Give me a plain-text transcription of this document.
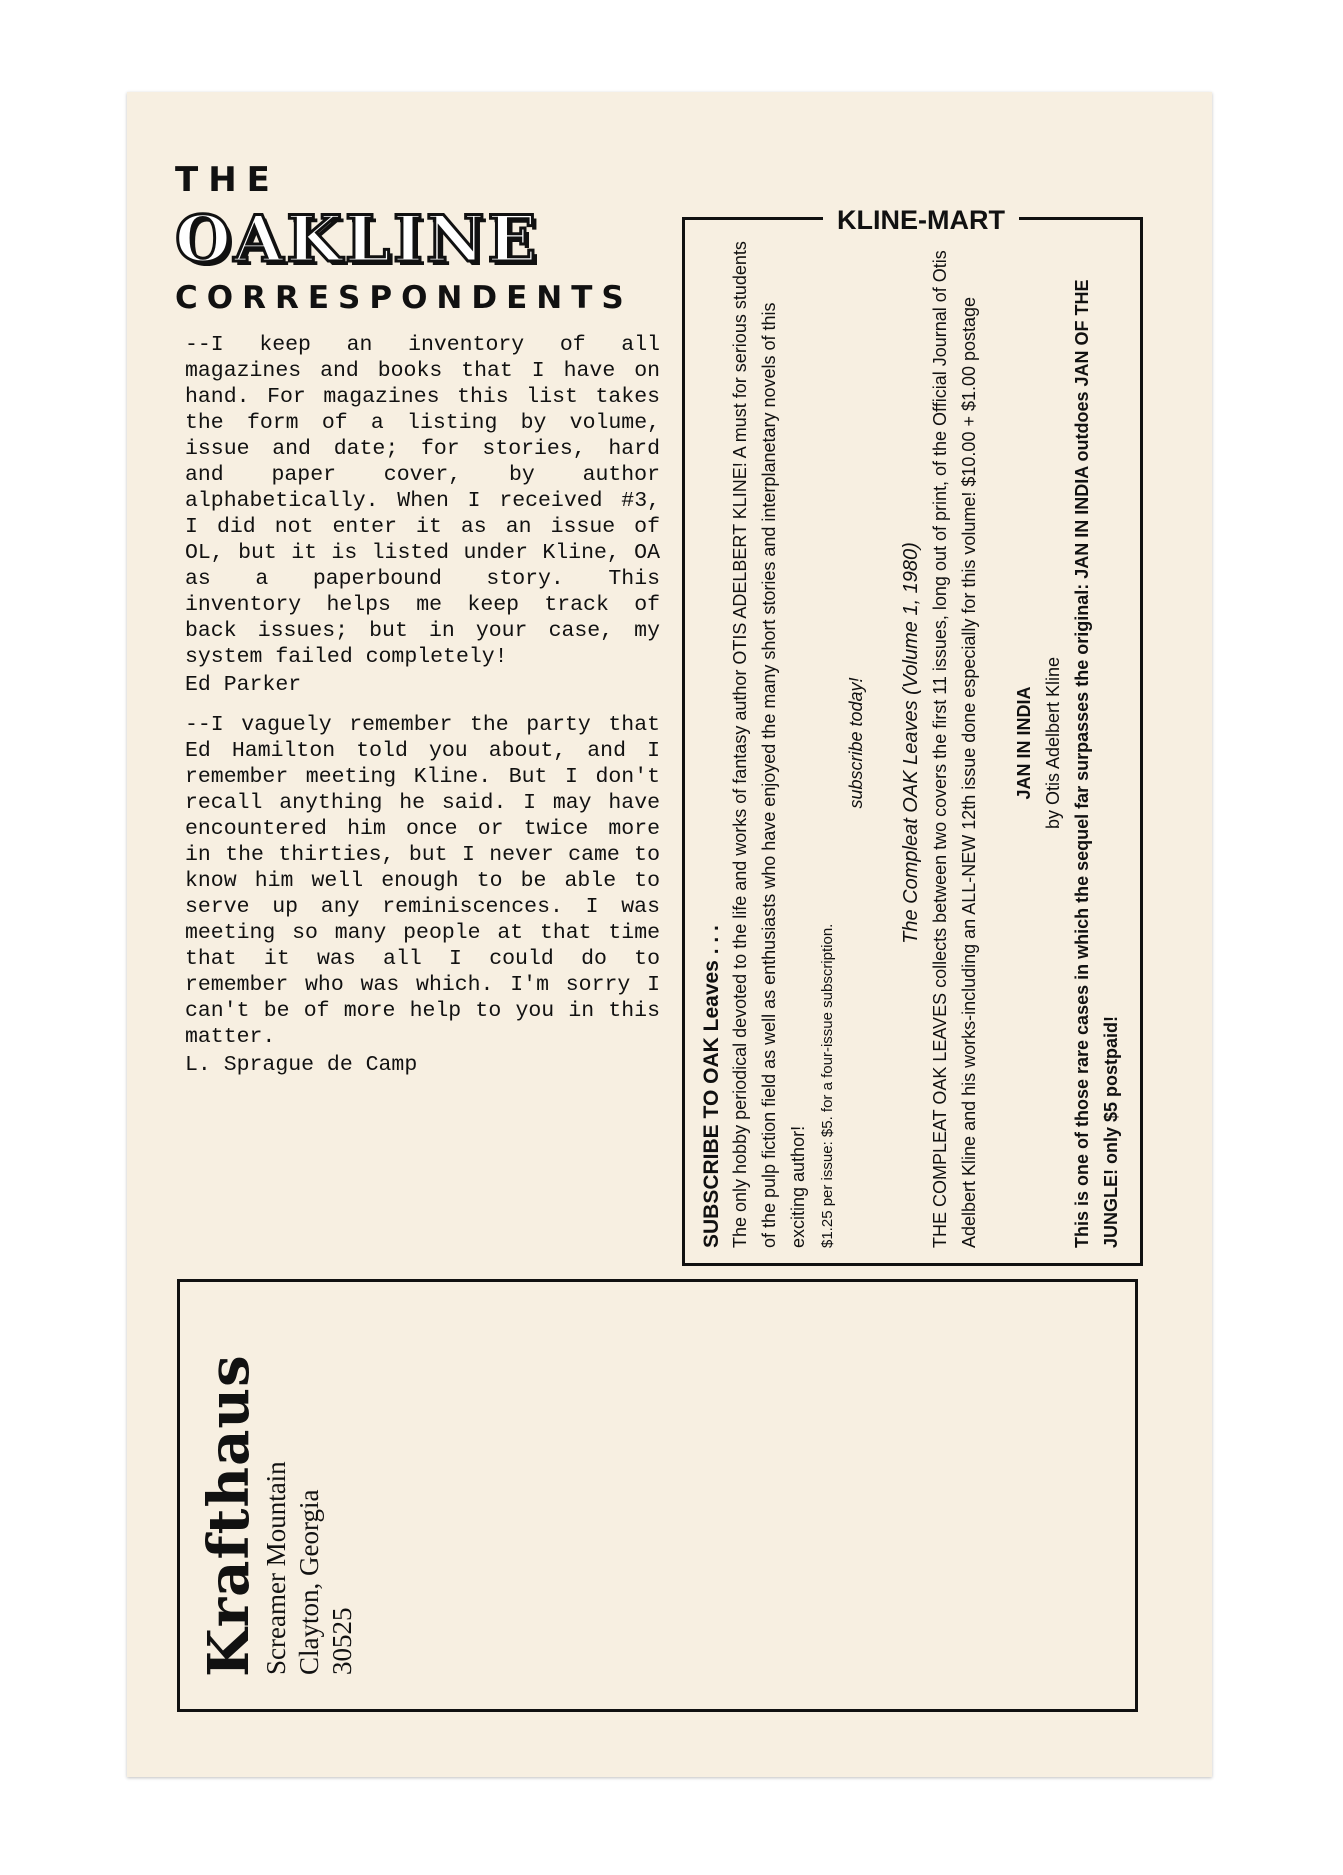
THE
OAKLINE
CORRESPONDENTS

--I keep an inventory of all magazines and books that I have on hand. For magazines this list takes the form of a listing by volume, issue and date; for stories, hard and paper cover, by author alphabetically. When I received #3, I did not enter it as an issue of OL, but it is listed under Kline, OA as a paperbound story. This inventory helps me keep track of back issues; but in your case, my system failed completely!

Ed Parker

--I vaguely remember the party that Ed Hamilton told you about, and I remember meeting Kline. But I don't recall anything he said. I may have encountered him once or twice more in the thirties, but I never came to know him well enough to be able to serve up any reminiscences. I was meeting so many people at that time that it was all I could do to remember who was which. I'm sorry I can't be of more help to you in this matter.

L. Sprague de Camp

KLINE-MART
SUBSCRIBE TO OAK Leaves . . . The only hobby periodical devoted to the life and works of fantasy author OTIS ADELBERT KLINE! A must for serious students of the pulp fiction field as well as enthusiasts who have enjoyed the many short stories and interplanetary novels of this exciting author! $1.25 per issue: $5. for a four-issue subscription.
subscribe today! The Compleat OAK Leaves (Volume 1, 1980) THE COMPLEAT OAK LEAVES collects between two covers the first 11 issues, long out of print, of the Official Journal of Otis Adelbert Kline and his works-including an ALL-NEW 12th issue done especially for this volume! $10.00 + $1.00 postage JAN IN INDIA by Otis Adelbert Kline This is one of those rare cases in which the sequel far surpasses the original: JAN IN INDIA outdoes JAN OF THE JUNGLE! only $5 postpaid!
Krafthaus Screamer Mountain Clayton, Georgia 30525
